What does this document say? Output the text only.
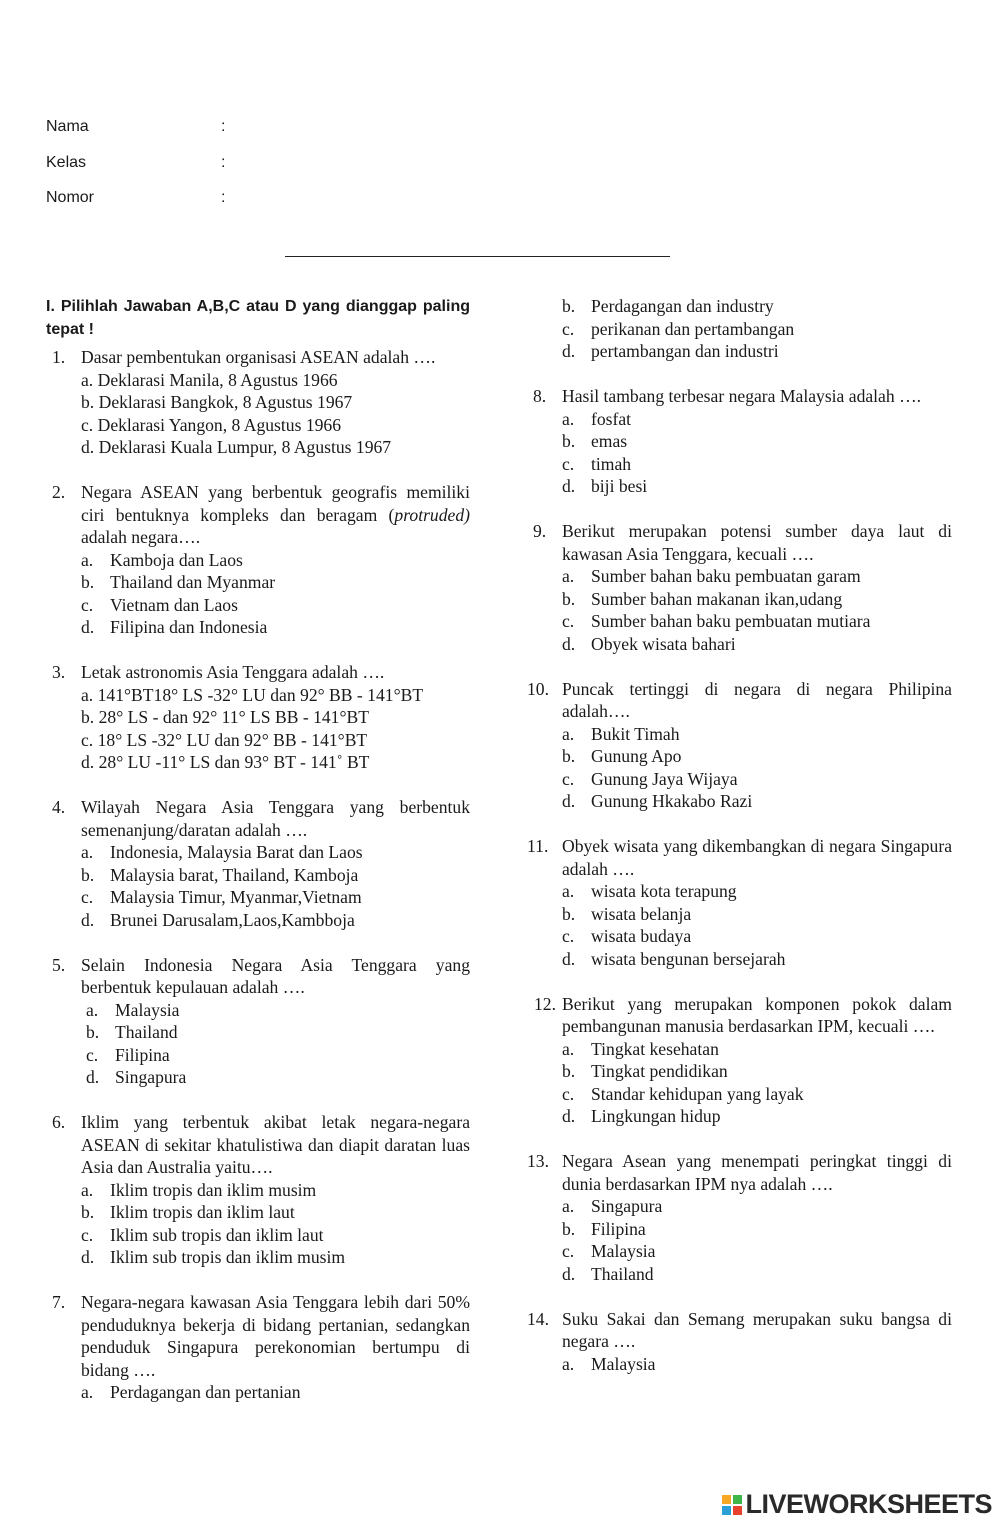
Nama	:
Kelas	:
Nomor	:
I. Pilihlah Jawaban A,B,C atau D yang dianggap paling tepat !
1. Dasar pembentukan organisasi ASEAN adalah ….
a. Deklarasi Manila, 8 Agustus 1966
b. Deklarasi Bangkok, 8 Agustus 1967
c. Deklarasi Yangon, 8 Agustus 1966
d. Deklarasi Kuala Lumpur, 8 Agustus 1967
2. Negara ASEAN yang berbentuk geografis memiliki ciri bentuknya kompleks dan beragam (protruded) adalah negara….
a. Kamboja dan Laos
b. Thailand dan Myanmar
c. Vietnam dan Laos
d. Filipina dan Indonesia
3. Letak astronomis Asia Tenggara adalah ….
a. 141°BT18° LS -32° LU dan 92° BB - 141°BT
b. 28° LS - dan 92° 11° LS BB - 141°BT
c. 18° LS -32° LU dan 92° BB - 141°BT
d. 28° LU -11° LS dan 93° BT - 141˚ BT
4. Wilayah Negara Asia Tenggara yang berbentuk semenanjung/daratan adalah ….
a. Indonesia, Malaysia Barat dan Laos
b. Malaysia barat, Thailand, Kamboja
c. Malaysia Timur, Myanmar,Vietnam
d. Brunei Darusalam,Laos,Kambboja
5. Selain Indonesia Negara Asia Tenggara yang berbentuk kepulauan adalah ….
a. Malaysia
b. Thailand
c. Filipina
d. Singapura
6. Iklim yang terbentuk akibat letak negara-negara ASEAN di sekitar khatulistiwa dan diapit daratan luas Asia dan Australia yaitu….
a. Iklim tropis dan iklim musim
b. Iklim tropis dan iklim laut
c. Iklim sub tropis dan iklim laut
d. Iklim sub tropis dan iklim musim
7. Negara-negara kawasan Asia Tenggara lebih dari 50% penduduknya bekerja di bidang pertanian, sedangkan penduduk Singapura perekonomian bertumpu di bidang ….
a. Perdagangan dan pertanian
b. Perdagangan dan industry
c. perikanan dan pertambangan
d. pertambangan dan industri
8. Hasil tambang terbesar negara Malaysia adalah ….
a. fosfat
b. emas
c. timah
d. biji besi
9. Berikut merupakan potensi sumber daya laut di kawasan Asia Tenggara, kecuali ….
a. Sumber bahan baku pembuatan garam
b. Sumber bahan makanan ikan,udang
c. Sumber bahan baku pembuatan mutiara
d. Obyek wisata bahari
10. Puncak tertinggi di negara di negara Philipina adalah….
a. Bukit Timah
b. Gunung Apo
c. Gunung Jaya Wijaya
d. Gunung Hkakabo Razi
11. Obyek wisata yang dikembangkan di negara Singapura adalah ….
a. wisata kota terapung
b. wisata belanja
c. wisata budaya
d. wisata bengunan bersejarah
12. Berikut yang merupakan komponen pokok dalam pembangunan manusia berdasarkan IPM, kecuali ….
a. Tingkat kesehatan
b. Tingkat pendidikan
c. Standar kehidupan yang layak
d. Lingkungan hidup
13. Negara Asean yang menempati peringkat tinggi di dunia berdasarkan IPM nya adalah ….
a. Singapura
b. Filipina
c. Malaysia
d. Thailand
14. Suku Sakai dan Semang merupakan suku bangsa di negara ….
a. Malaysia
LIVEWORKSHEETS
